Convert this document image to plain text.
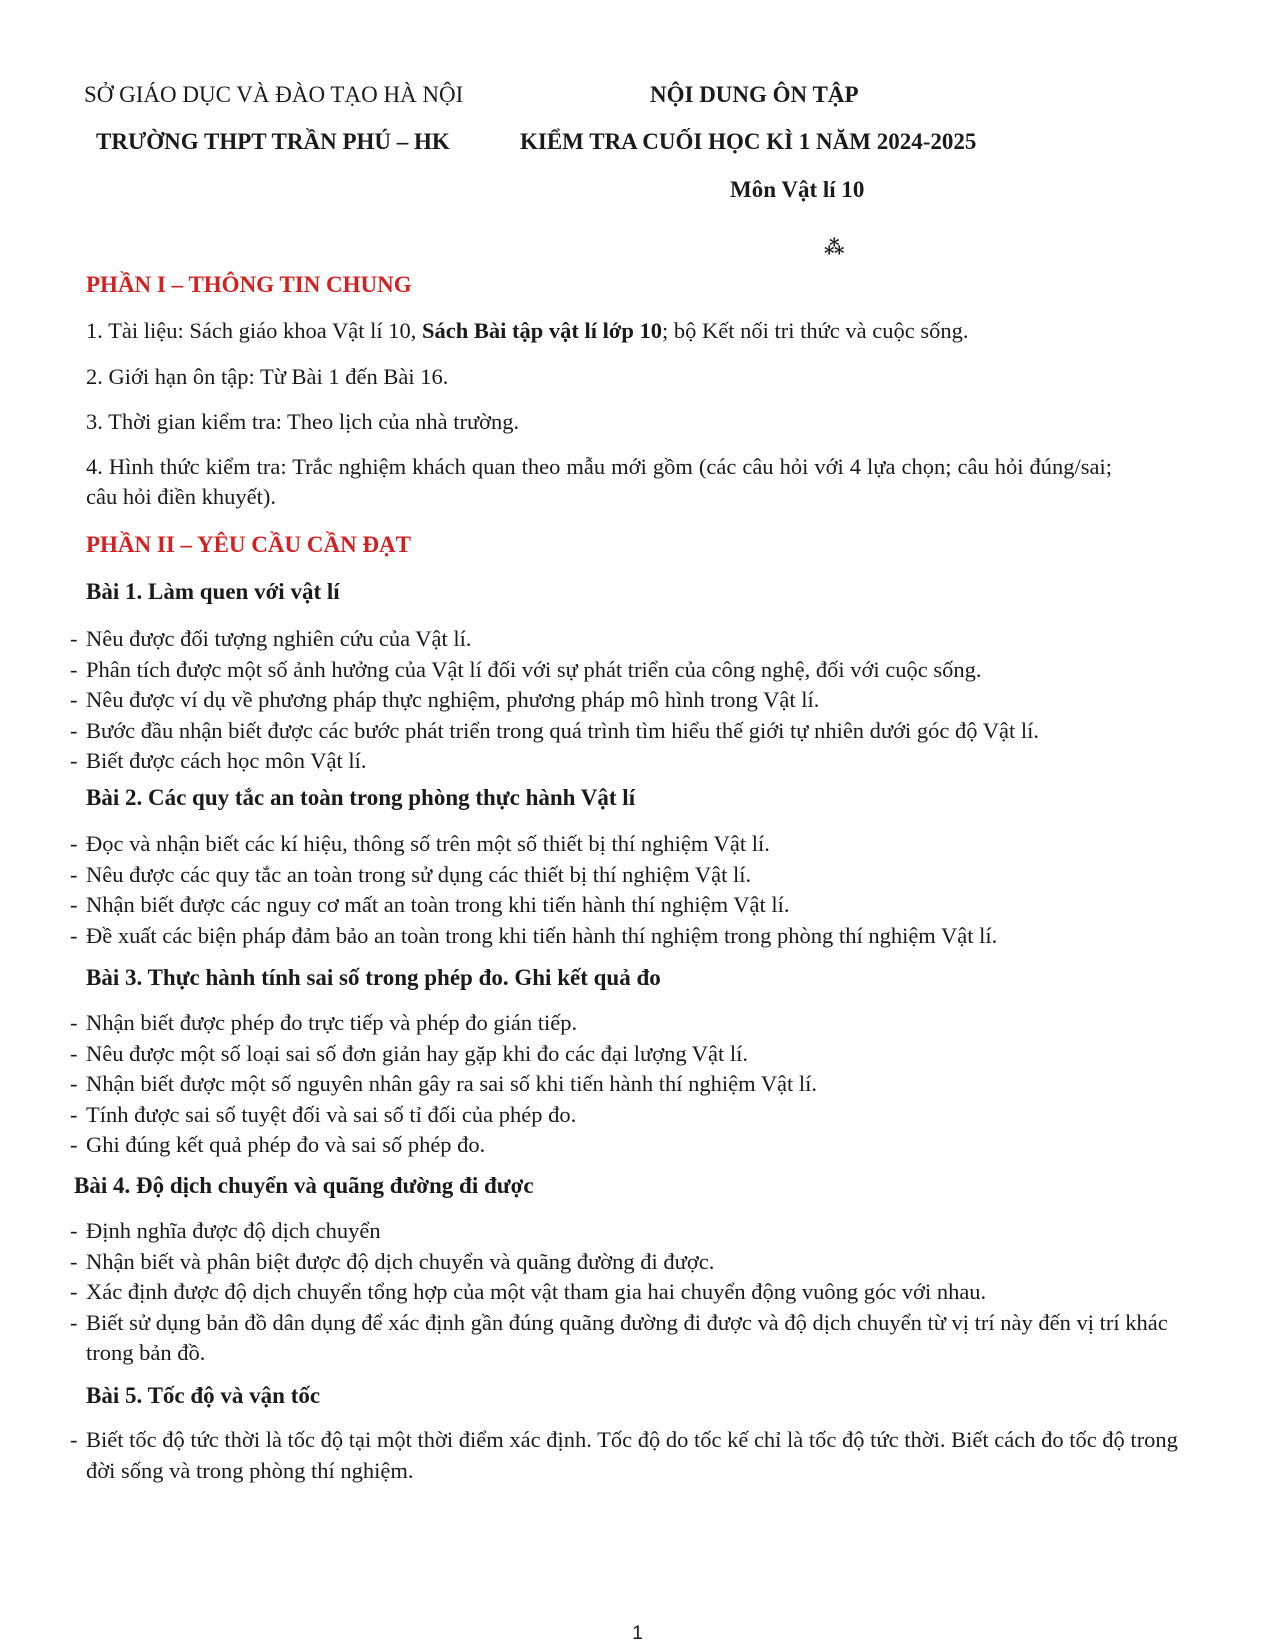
SỞ GIÁO DỤC VÀ ĐÀO TẠO HÀ NỘI
TRƯỜNG THPT TRẦN PHÚ – HK
NỘI DUNG ÔN TẬP
KIỂM TRA CUỐI HỌC KÌ 1 NĂM 2024-2025
Môn Vật lí 10
⁂
PHẦN I – THÔNG TIN CHUNG
1. Tài liệu: Sách giáo khoa Vật lí 10, Sách Bài tập vật lí lớp 10; bộ Kết nối tri thức và cuộc sống.
2. Giới hạn ôn tập: Từ Bài 1 đến Bài 16.
3. Thời gian kiểm tra: Theo lịch của nhà trường.
4. Hình thức kiểm tra: Trắc nghiệm khách quan theo mẫu mới gồm (các câu hỏi với 4 lựa chọn; câu hỏi đúng/sai; câu hỏi điền khuyết).
PHẦN II – YÊU CẦU CẦN ĐẠT
Bài 1. Làm quen với vật lí
- Nêu được đối tượng nghiên cứu của Vật lí.
- Phân tích được một số ảnh hưởng của Vật lí đối với sự phát triển của công nghệ, đối với cuộc sống.
- Nêu được ví dụ về phương pháp thực nghiệm, phương pháp mô hình trong Vật lí.
- Bước đầu nhận biết được các bước phát triển trong quá trình tìm hiểu thế giới tự nhiên dưới góc độ Vật lí.
- Biết được cách học môn Vật lí.
Bài 2. Các quy tắc an toàn trong phòng thực hành Vật lí
- Đọc và nhận biết các kí hiệu, thông số trên một số thiết bị thí nghiệm Vật lí.
- Nêu được các quy tắc an toàn trong sử dụng các thiết bị thí nghiệm Vật lí.
- Nhận biết được các nguy cơ mất an toàn trong khi tiến hành thí nghiệm Vật lí.
- Đề xuất các biện pháp đảm bảo an toàn trong khi tiến hành thí nghiệm trong phòng thí nghiệm Vật lí.
Bài 3. Thực hành tính sai số trong phép đo. Ghi kết quả đo
- Nhận biết được phép đo trực tiếp và phép đo gián tiếp.
- Nêu được một số loại sai số đơn giản hay gặp khi đo các đại lượng Vật lí.
- Nhận biết được một số nguyên nhân gây ra sai số khi tiến hành thí nghiệm Vật lí.
- Tính được sai số tuyệt đối và sai số tỉ đối của phép đo.
- Ghi đúng kết quả phép đo và sai số phép đo.
Bài 4. Độ dịch chuyển và quãng đường đi được
- Định nghĩa được độ dịch chuyển
- Nhận biết và phân biệt được độ dịch chuyển và quãng đường đi được.
- Xác định được độ dịch chuyển tổng hợp của một vật tham gia hai chuyển động vuông góc với nhau.
- Biết sử dụng bản đồ dân dụng để xác định gần đúng quãng đường đi được và độ dịch chuyển từ vị trí này đến vị trí khác trong bản đồ.
Bài 5. Tốc độ và vận tốc
- Biết tốc độ tức thời là tốc độ tại một thời điểm xác định. Tốc độ do tốc kế chỉ là tốc độ tức thời. Biết cách đo tốc độ trong đời sống và trong phòng thí nghiệm.
1
